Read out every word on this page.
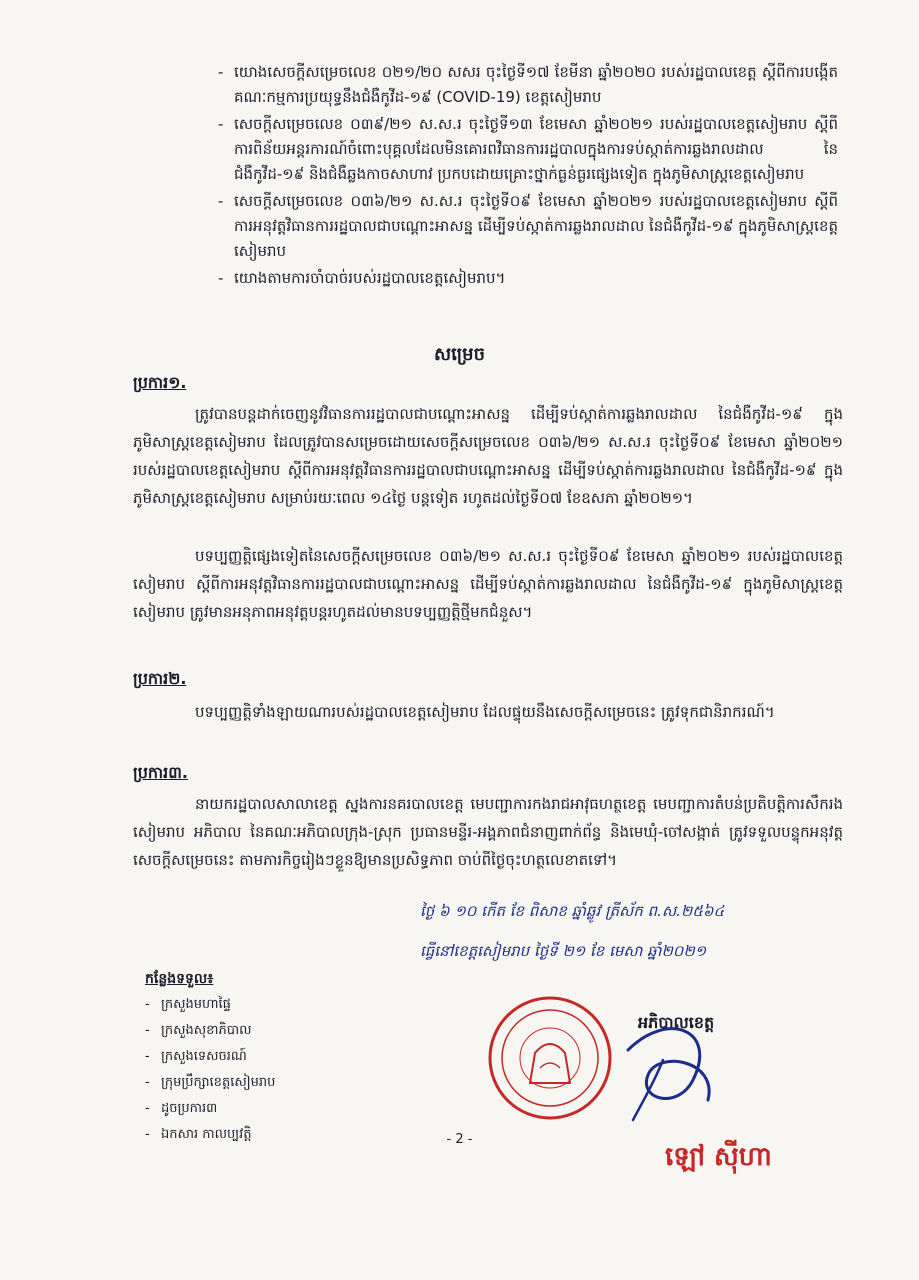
- យោងសេចក្ដីសម្រេចលេខ ០២១/២០ សសរ ចុះថ្ងៃទី១៧ ខែមីនា ឆ្នាំ២០២០ របស់រដ្ឋបាលខេត្ត ស្ដីពីការបង្កើតគណៈកម្មការប្រយុទ្ធនឹងជំងឺកូវីដ-១៩ (COVID-19) ខេត្តសៀមរាប
- សេចក្ដីសម្រេចលេខ ០៣៩/២១ ស.ស.រ ចុះថ្ងៃទី១៣ ខែមេសា ឆ្នាំ២០២១ របស់រដ្ឋបាលខេត្តសៀមរាប ស្ដីពីការពិន័យអន្តរការណ៍ចំពោះបុគ្គលដែលមិនគោរពវិធានការរដ្ឋបាលក្នុងការទប់ស្កាត់ការឆ្លងរាលដាល នៃជំងឺកូវីដ-១៩ និងជំងឺឆ្លងកាចសាហាវ ប្រកបដោយគ្រោះថ្នាក់ធ្ងន់ធ្ងរផ្សេងទៀត ក្នុងភូមិសាស្ត្រខេត្តសៀមរាប
- សេចក្ដីសម្រេចលេខ ០៣៦/២១ ស.ស.រ ចុះថ្ងៃទី០៩ ខែមេសា ឆ្នាំ២០២១ របស់រដ្ឋបាលខេត្តសៀមរាប ស្ដីពីការអនុវត្តវិធានការរដ្ឋបាលជាបណ្ដោះអាសន្ន ដើម្បីទប់ស្កាត់ការឆ្លងរាលដាល នៃជំងឺកូវីដ-១៩ ក្នុងភូមិសាស្ត្រខេត្តសៀមរាប
- យោងតាមការចាំបាច់របស់រដ្ឋបាលខេត្តសៀមរាប។
សម្រេច
ប្រការ១.
ត្រូវបានបន្តដាក់ចេញនូវវិធានការរដ្ឋបាលជាបណ្ដោះអាសន្ន ដើម្បីទប់ស្កាត់ការឆ្លងរាលដាល នៃជំងឺកូវីដ-១៩ ក្នុងភូមិសាស្ត្រខេត្តសៀមរាប ដែលត្រូវបានសម្រេចដោយសេចក្ដីសម្រេចលេខ ០៣៦/២១ ស.ស.រ ចុះថ្ងៃទី០៩ ខែមេសា ឆ្នាំ២០២១ របស់រដ្ឋបាលខេត្តសៀមរាប ស្ដីពីការអនុវត្តវិធានការរដ្ឋបាលជាបណ្ដោះអាសន្ន ដើម្បីទប់ស្កាត់ការឆ្លងរាលដាល នៃជំងឺកូវីដ-១៩ ក្នុងភូមិសាស្ត្រខេត្តសៀមរាប សម្រាប់រយៈពេល ១៤ថ្ងៃ បន្តទៀត រហូតដល់ថ្ងៃទី០៧ ខែឧសភា ឆ្នាំ២០២១។
បទប្បញ្ញត្តិផ្សេងទៀតនៃសេចក្ដីសម្រេចលេខ ០៣៦/២១ ស.ស.រ ចុះថ្ងៃទី០៩ ខែមេសា ឆ្នាំ២០២១ របស់រដ្ឋបាលខេត្តសៀមរាប ស្ដីពីការអនុវត្តវិធានការរដ្ឋបាលជាបណ្ដោះអាសន្ន ដើម្បីទប់ស្កាត់ការឆ្លងរាលដាល នៃជំងឺកូវីដ-១៩ ក្នុងភូមិសាស្ត្រខេត្តសៀមរាប ត្រូវមានអនុភាពអនុវត្តបន្តរហូតដល់មានបទប្បញ្ញត្តិថ្មីមកជំនួស។
ប្រការ២.
បទប្បញ្ញត្តិទាំងឡាយណារបស់រដ្ឋបាលខេត្តសៀមរាប ដែលផ្ទុយនឹងសេចក្ដីសម្រេចនេះ ត្រូវទុកជានិរាករណ៍។
ប្រការ៣.
នាយករដ្ឋបាលសាលាខេត្ត ស្នងការនគរបាលខេត្ត មេបញ្ជាការកងរាជអាវុធហត្ថខេត្ត មេបញ្ជាការតំបន់ប្រតិបត្តិការសឹករងសៀមរាប អភិបាល នៃគណៈអភិបាលក្រុង-ស្រុក ប្រធានមន្ទីរ-អង្គភាពជំនាញពាក់ព័ន្ធ និងមេឃុំ-ចៅសង្កាត់ ត្រូវទទួលបន្ទុកអនុវត្តសេចក្ដីសម្រេចនេះ តាមភារកិច្ចរៀងៗខ្លួនឱ្យមានប្រសិទ្ធភាព ចាប់ពីថ្ងៃចុះហត្ថលេខាតទៅ។
ថ្ងៃ ៦ ១០ កើត ខែ ពិសាខ ឆ្នាំឆ្លូវ ត្រីស័ក ព.ស.២៥៦៤
ធ្វើនៅខេត្តសៀមរាប ថ្ងៃទី ២១ ខែ មេសា ឆ្នាំ២០២១
អភិបាលខេត្ត
កន្លែងទទួល៖
- ក្រសួងមហាផ្ទៃ
- ក្រសួងសុខាភិបាល
- ក្រសួងទេសចរណ៍
- ក្រុមប្រឹក្សាខេត្តសៀមរាប
- ដូចប្រការ៣
- ឯកសារ កាលប្បវត្តិ	- 2 -
ឡៅ ស៊ីហា
